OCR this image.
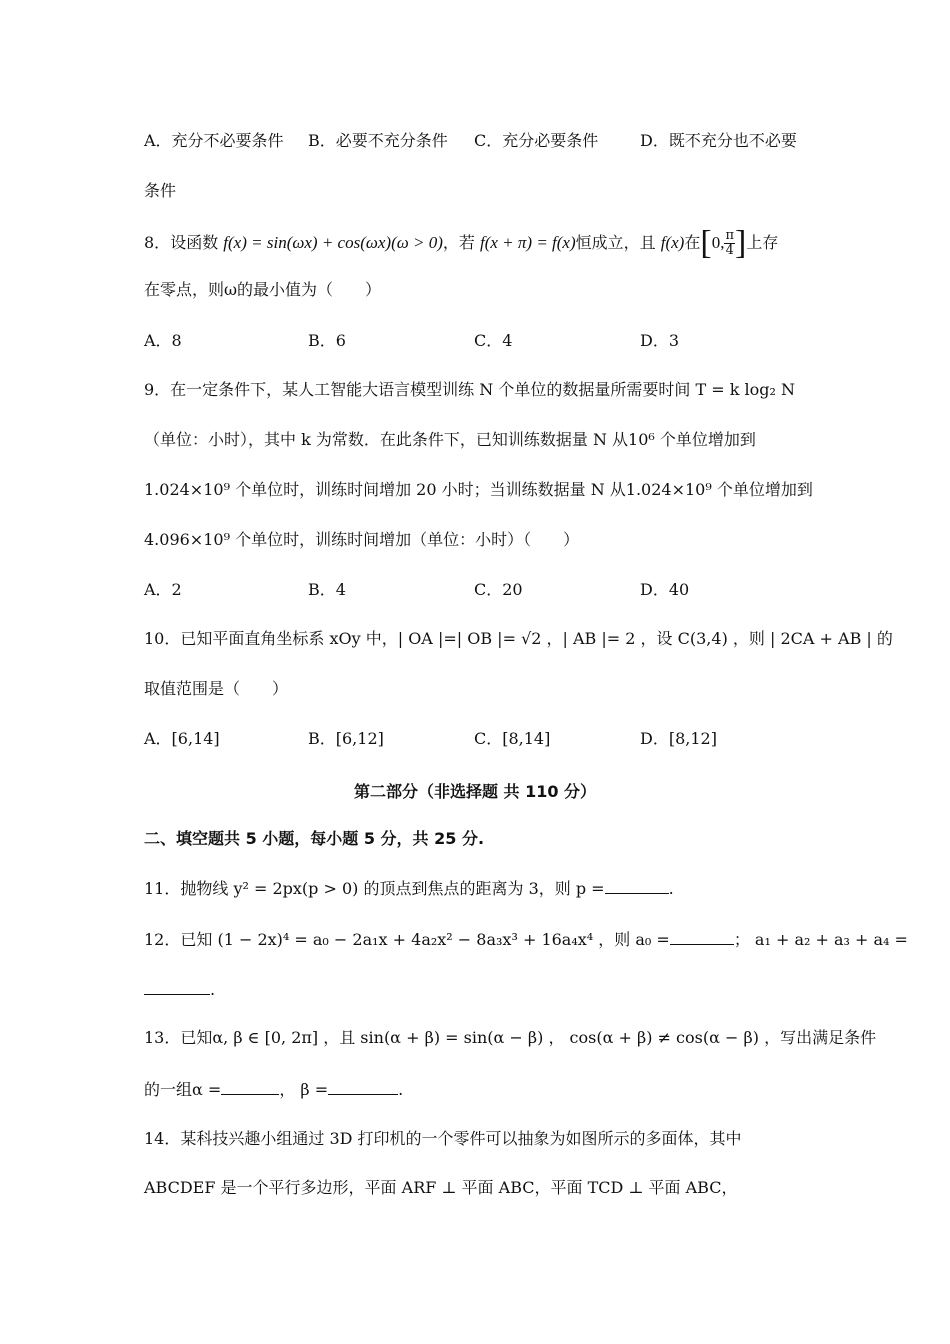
A．充分不必要条件 B．必要不充分条件 C．充分必要条件	D．既不充分也不必要
条件
8．设函数 f(x) = sin(ωx) + cos(ωx)(ω > 0)，若 f(x + π) = f(x)恒成立，且 f(x)在[0, $\frac{\pi}{4}$ ]上存
在零点，则ω的最小值为（　　）
A．8	B．6	C．4	D．3
9．在一定条件下，某人工智能大语言模型训练 N 个单位的数据量所需要时间 T = k log₂ N
（单位：小时），其中 k 为常数．在此条件下，已知训练数据量 N 从10⁶ 个单位增加到
1.024×10⁹ 个单位时，训练时间增加 20 小时；当训练数据量 N 从1.024×10⁹ 个单位增加到
4.096×10⁹ 个单位时，训练时间增加（单位：小时）（　　）
A．2	B．4	C．20	D．40
10．已知平面直角坐标系 xOy 中，| OA |=| OB |= √2 ，| AB |= 2 ，设 C(3,4) ，则 | 2CA + AB | 的
取值范围是（　　）
A．[6,14]	B．[6,12]	C．[8,14]	D．[8,12]
第二部分（非选择题 共 110 分）
二、填空题共 5 小题，每小题 5 分，共 25 分.
11．抛物线 y² = 2px(p > 0) 的顶点到焦点的距离为 3，则 p =	.
12．已知 (1 − 2x)⁴ = a₀ − 2a₁x + 4a₂x² − 8a₃x³ + 16a₄x⁴ ，则 a₀ =	； a₁ + a₂ + a₃ + a₄ =
.
13．已知α, β ∈ [0, 2π] ，且 sin(α + β) = sin(α − β) ， cos(α + β) ≠ cos(α − β) ，写出满足条件
的一组α =	， β =	.
14．某科技兴趣小组通过 3D 打印机的一个零件可以抽象为如图所示的多面体，其中
ABCDEF 是一个平行多边形，平面 ARF ⊥ 平面 ABC，平面 TCD ⊥ 平面 ABC，
